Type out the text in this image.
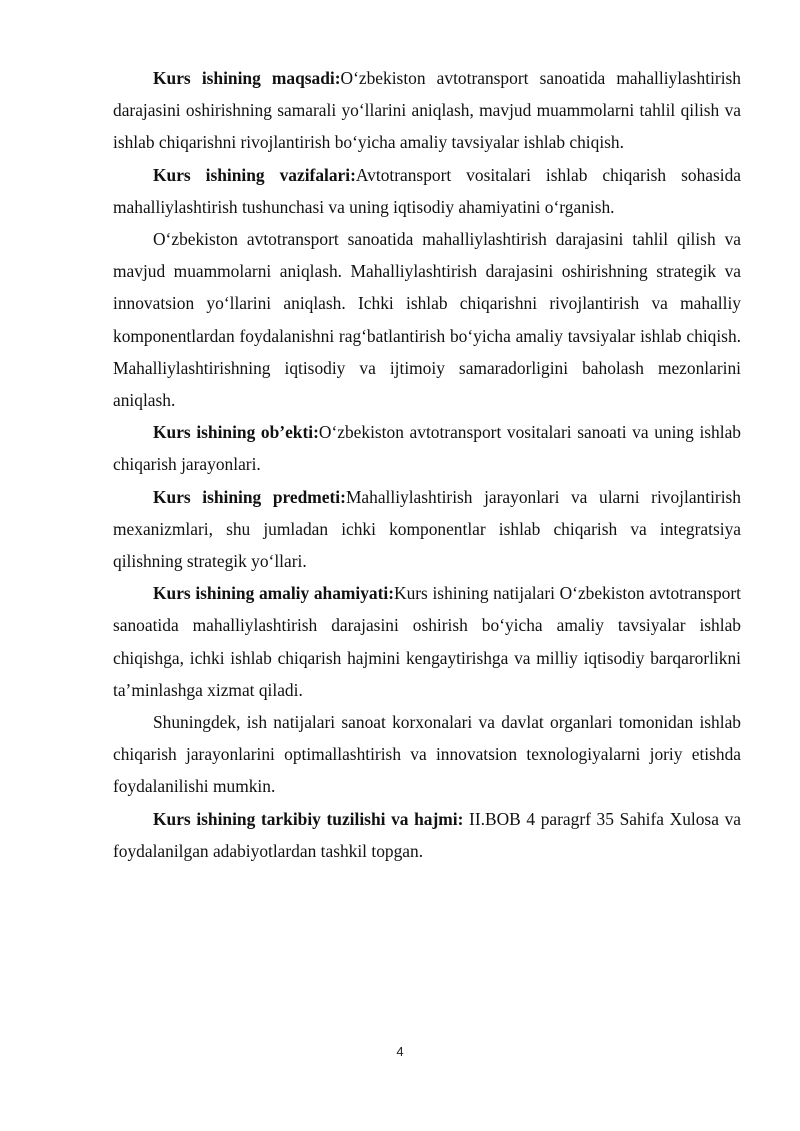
Kurs ishining maqsadi:O‘zbekiston avtotransport sanoatida mahalliylashtirish darajasini oshirishning samarali yo‘llarini aniqlash, mavjud muammolarni tahlil qilish va ishlab chiqarishni rivojlantirish bo‘yicha amaliy tavsiyalar ishlab chiqish.

Kurs ishining vazifalari:Avtotransport vositalari ishlab chiqarish sohasida mahalliylashtirish tushunchasi va uning iqtisodiy ahamiyatini o‘rganish.

O‘zbekiston avtotransport sanoatida mahalliylashtirish darajasini tahlil qilish va mavjud muammolarni aniqlash. Mahalliylashtirish darajasini oshirishning strategik va innovatsion yo‘llarini aniqlash. Ichki ishlab chiqarishni rivojlantirish va mahalliy komponentlardan foydalanishni rag‘batlantirish bo‘yicha amaliy tavsiyalar ishlab chiqish. Mahalliylashtirishning iqtisodiy va ijtimoiy samaradorligini baholash mezonlarini aniqlash.

Kurs ishining ob’ekti:O‘zbekiston avtotransport vositalari sanoati va uning ishlab chiqarish jarayonlari.

Kurs ishining predmeti:Mahalliylashtirish jarayonlari va ularni rivojlantirish mexanizmlari, shu jumladan ichki komponentlar ishlab chiqarish va integratsiya qilishning strategik yo‘llari.

Kurs ishining amaliy ahamiyati:Kurs ishining natijalari O‘zbekiston avtotransport sanoatida mahalliylashtirish darajasini oshirish bo‘yicha amaliy tavsiyalar ishlab chiqishga, ichki ishlab chiqarish hajmini kengaytirishga va milliy iqtisodiy barqarorlikni ta’minlashga xizmat qiladi.

Shuningdek, ish natijalari sanoat korxonalari va davlat organlari tomonidan ishlab chiqarish jarayonlarini optimallashtirish va innovatsion texnologiyalarni joriy etishda foydalanilishi mumkin.

Kurs ishining tarkibiy tuzilishi va hajmi: II.BOB 4 paragrf 35 Sahifa Xulosa va foydalanilgan adabiyotlardan tashkil topgan.

4
